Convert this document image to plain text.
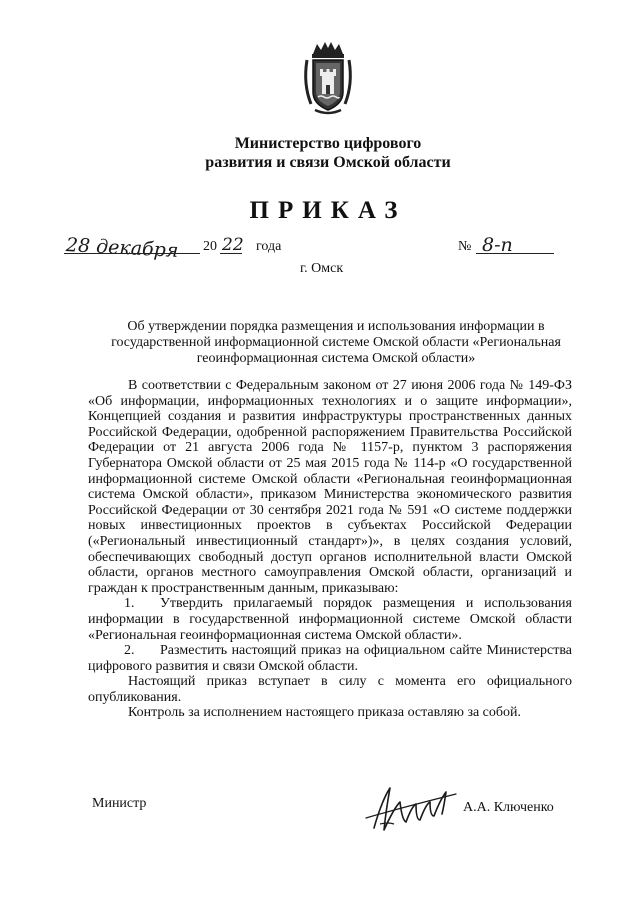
Министерство цифрового
развития и связи Омской области
ПРИКАЗ
28 декабря	20 22 года	№ 8-п
г. Омск
Об утверждении порядка размещения и использования информации в
государственной информационной системе Омской области «Региональная
геоинформационная система Омской области»

В соответствии с Федеральным законом от 27 июня 2006 года № 149-ФЗ «Об информации, информационных технологиях и о защите информации», Концепцией создания и развития инфраструктуры пространственных данных Российской Федерации, одобренной распоряжением Правительства Российской Федерации от 21 августа 2006 года № 1157-р, пунктом 3 распоряжения Губернатора Омской области от 25 мая 2015 года № 114-р «О государственной информационной системе Омской области «Региональная геоинформационная система Омской области», приказом Министерства экономического развития Российской Федерации от 30 сентября 2021 года № 591 «О системе поддержки новых инвестиционных проектов в субъектах Российской Федерации («Региональный инвестиционный стандарт»)», в целях создания условий, обеспечивающих свободный доступ органов исполнительной власти Омской области, органов местного самоуправления Омской области, организаций и граждан к пространственным данным, приказываю:

1. Утвердить прилагаемый порядок размещения и использования информации в государственной информационной системе Омской области «Региональная геоинформационная система Омской области».

2. Разместить настоящий приказ на официальном сайте Министерства цифрового развития и связи Омской области.

Настоящий приказ вступает в силу с момента его официального опубликования.

Контроль за исполнением настоящего приказа оставляю за собой.

Министр	А.А. Ключенко
